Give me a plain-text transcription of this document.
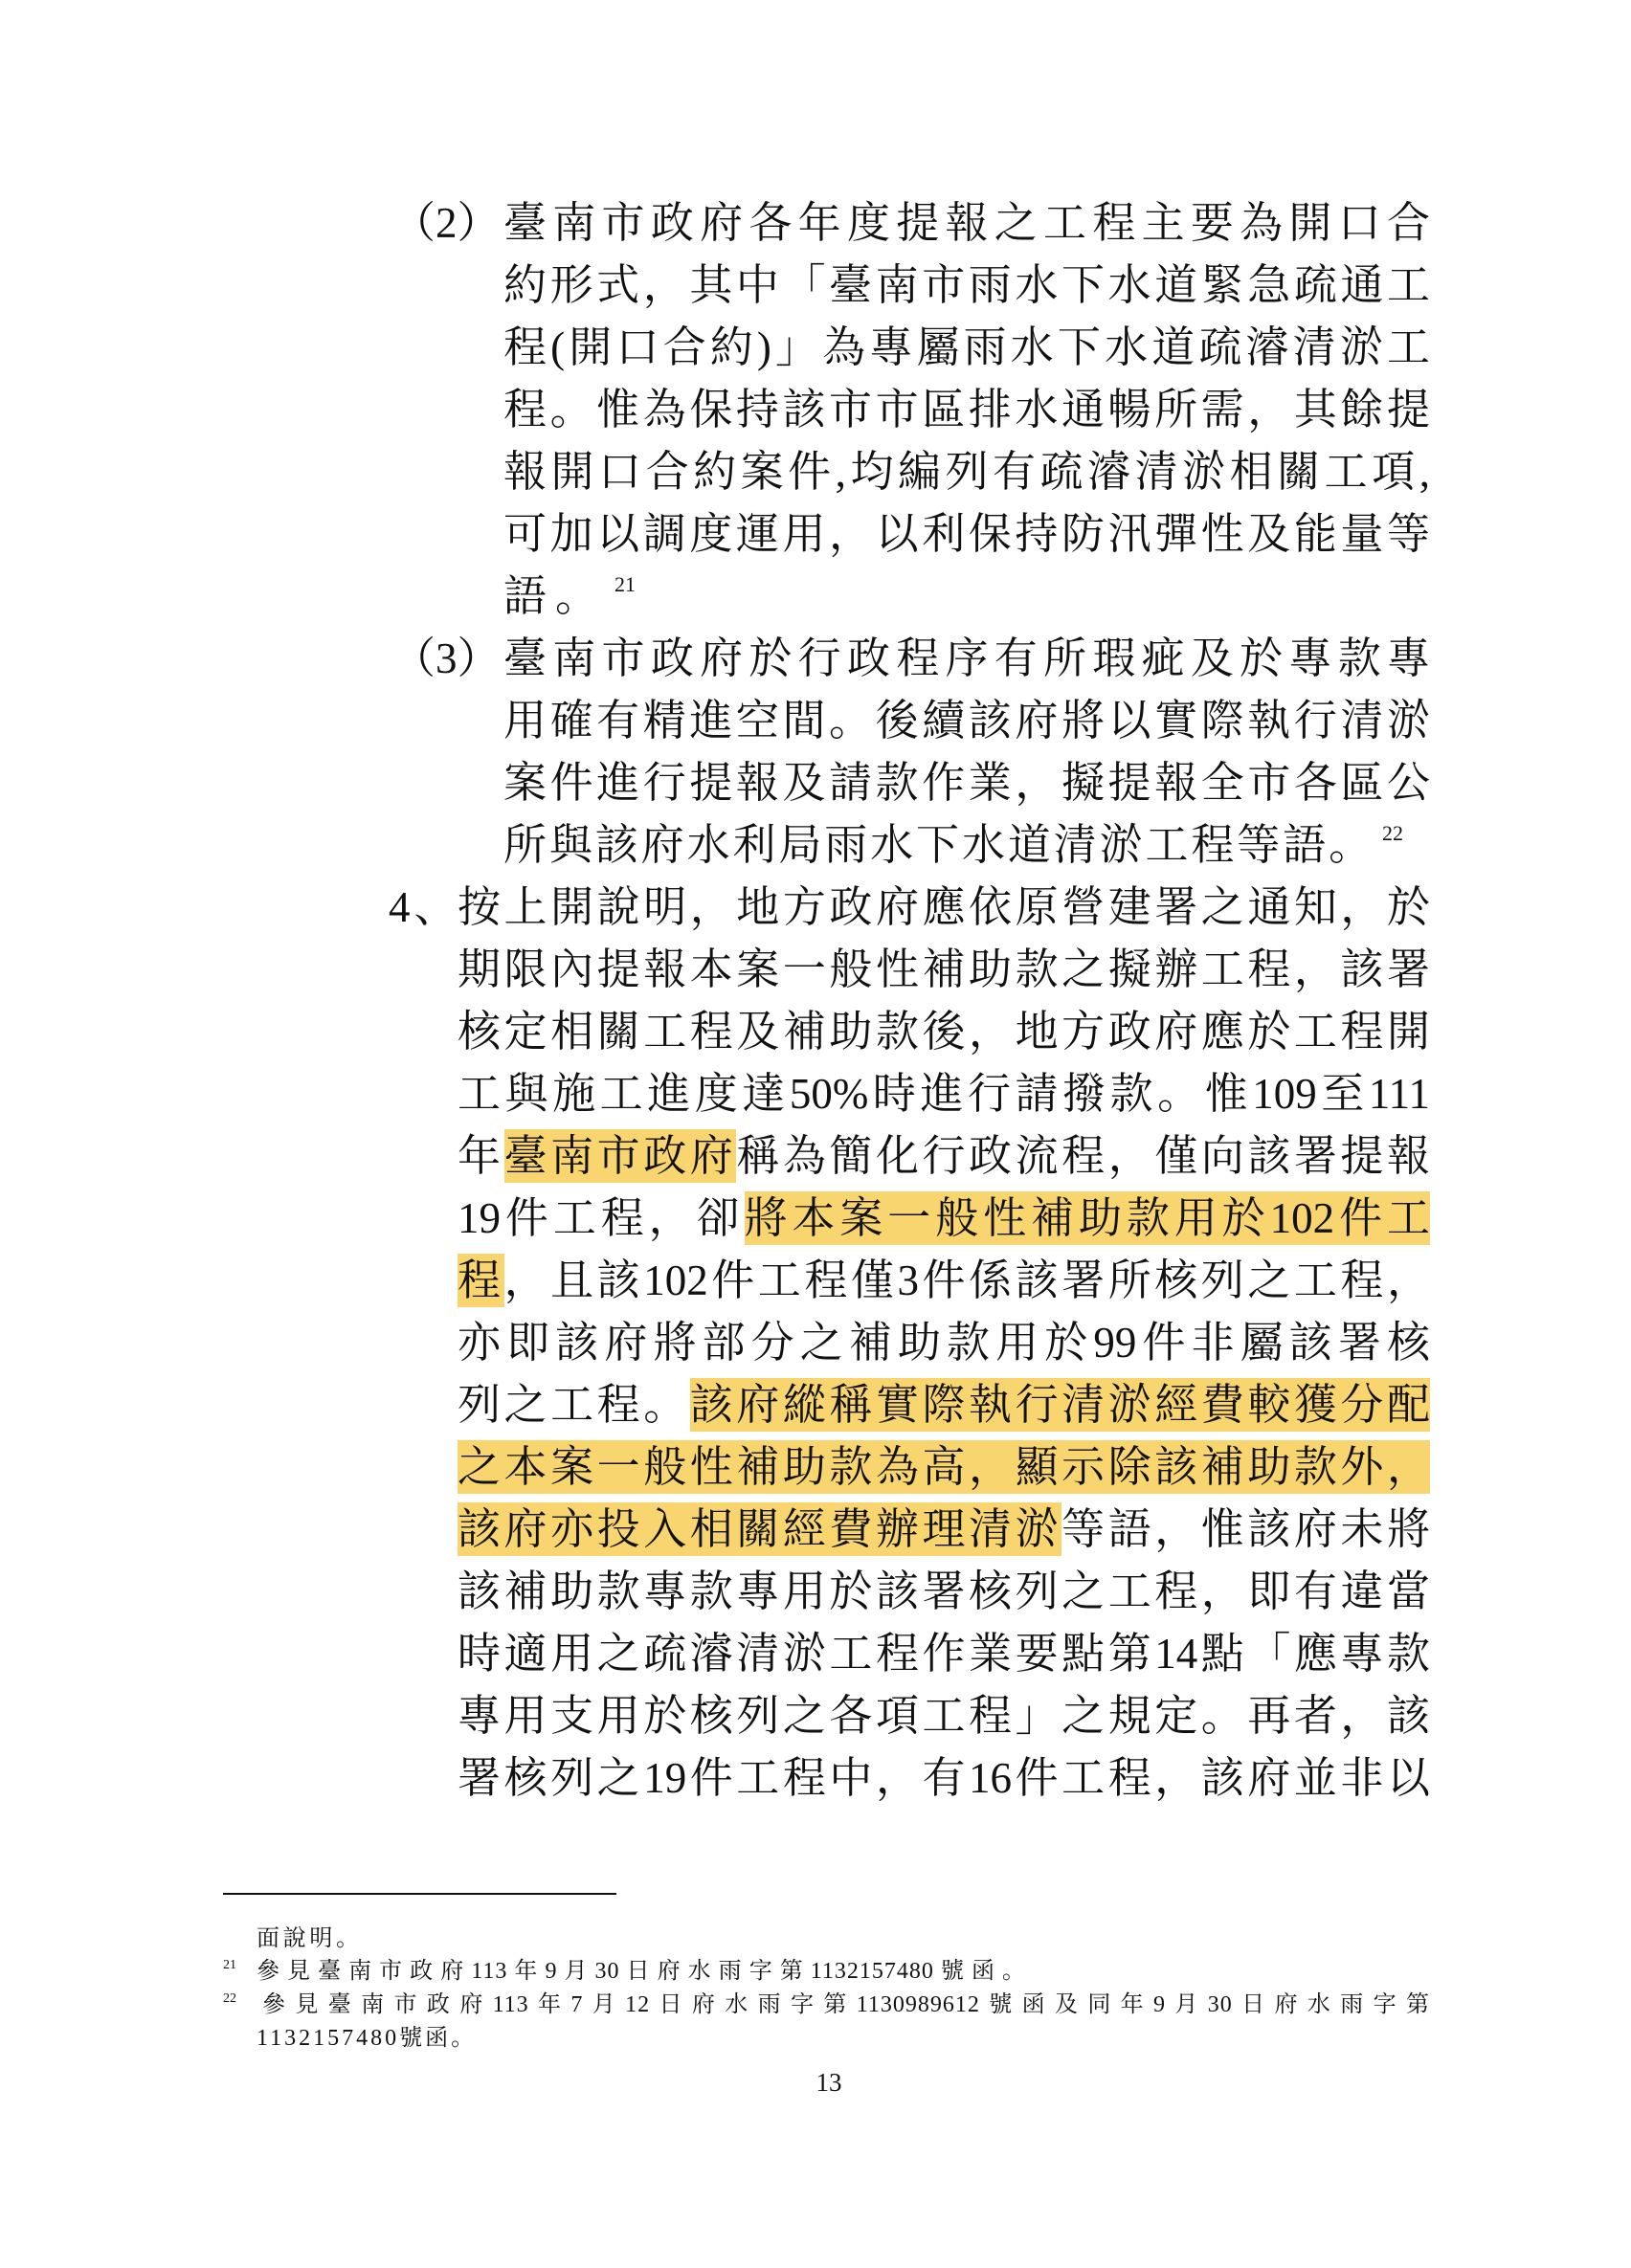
（2） 臺南市政府各年度提報之工程主要為開口合
約形式，其中「臺南市雨水下水道緊急疏通工
程(開口合約)」為專屬雨水下水道疏濬清淤工
程。惟為保持該市市區排水通暢所需，其餘提
報開口合約案件,均編列有疏濬清淤相關工項,
可加以調度運用，以利保持防汛彈性及能量等
語。 $^{21}$
（3） 臺南市政府於行政程序有所瑕疵及於專款專
用確有精進空間。後續該府將以實際執行清淤
案件進行提報及請款作業，擬提報全市各區公
所與該府水利局雨水下水道清淤工程等語。 $^{22}$
4、
按上開說明，地方政府應依原營建署之通知，於
期限內提報本案一般性補助款之擬辦工程，該署
核定相關工程及補助款後，地方政府應於工程開
工與施工進度達50%時進行請撥款。惟109至111
年臺南市政府稱為簡化行政流程，僅向該署提報
19件工程，卻將本案一般性補助款用於102件工
程，且該102件工程僅3件係該署所核列之工程，
亦即該府將部分之補助款用於99件非屬該署核
列之工程。該府縱稱實際執行清淤經費較獲分配
之本案一般性補助款為高，顯示除該補助款外，
該府亦投入相關經費辦理清淤等語，惟該府未將
該補助款專款專用於該署核列之工程，即有違當
時適用之疏濬清淤工程作業要點第14點「應專款
專用支用於核列之各項工程」之規定。再者，該
署核列之19件工程中，有16件工程，該府並非以
面說明。
21 參見臺南市政府113年9月30日府水雨字第1132157480號函。
22 參見臺南市政府113年7月12日府水雨字第1130989612號函及同年9月30日府水雨字第
1132157480號函。
13
